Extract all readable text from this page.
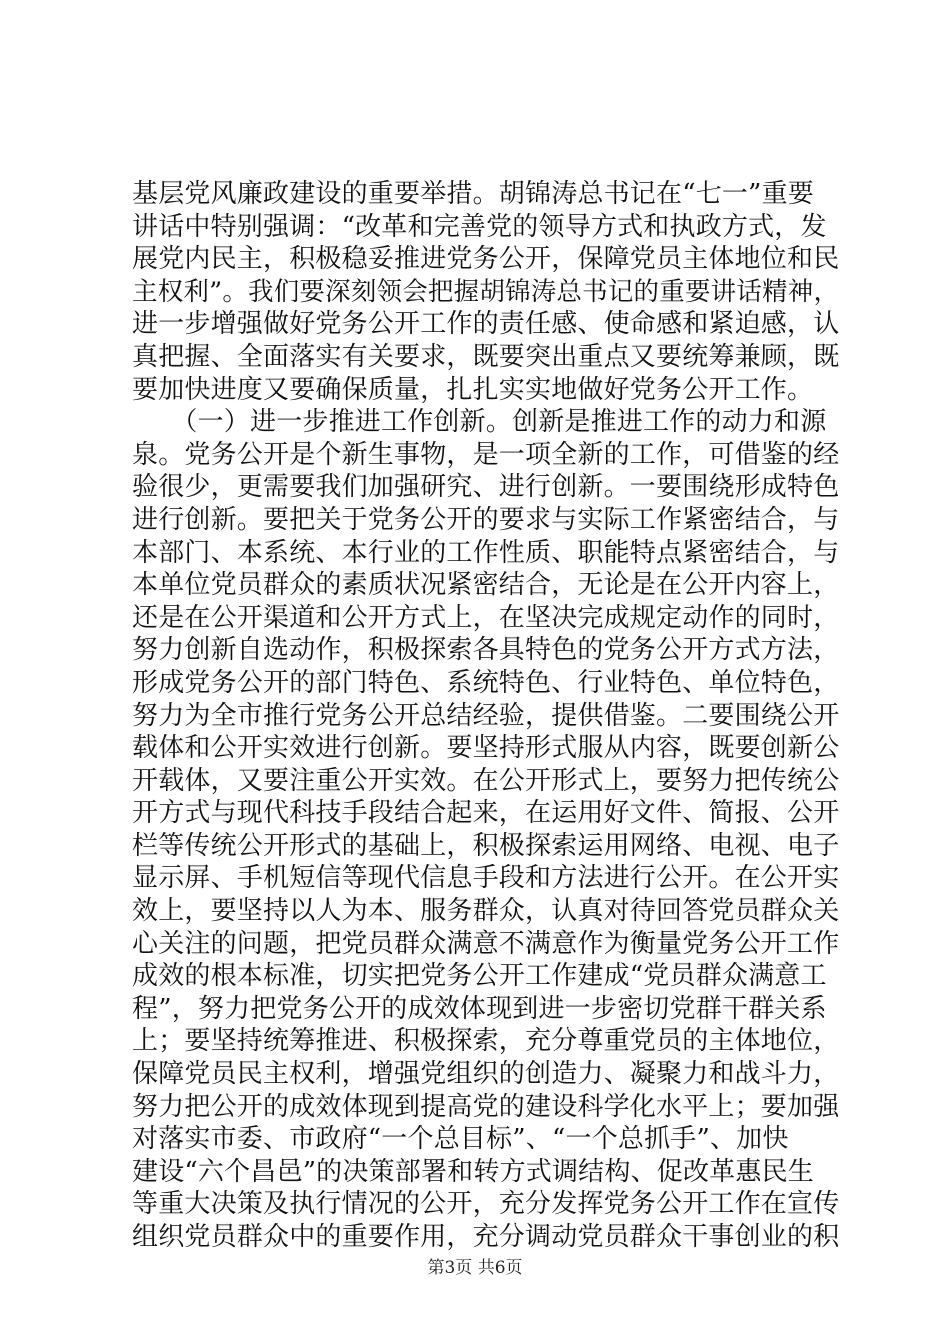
基层党风廉政建设的重要举措。胡锦涛总书记在“七一”重要
讲话中特别强调：“改革和完善党的领导方式和执政方式，发
展党内民主，积极稳妥推进党务公开，保障党员主体地位和民
主权利”。我们要深刻领会把握胡锦涛总书记的重要讲话精神，
进一步增强做好党务公开工作的责任感、使命感和紧迫感，认
真把握、全面落实有关要求，既要突出重点又要统筹兼顾，既
要加快进度又要确保质量，扎扎实实地做好党务公开工作。
　　（一）进一步推进工作创新。创新是推进工作的动力和源
泉。党务公开是个新生事物，是一项全新的工作，可借鉴的经
验很少，更需要我们加强研究、进行创新。一要围绕形成特色
进行创新。要把关于党务公开的要求与实际工作紧密结合，与
本部门、本系统、本行业的工作性质、职能特点紧密结合，与
本单位党员群众的素质状况紧密结合，无论是在公开内容上，
还是在公开渠道和公开方式上，在坚决完成规定动作的同时，
努力创新自选动作，积极探索各具特色的党务公开方式方法，
形成党务公开的部门特色、系统特色、行业特色、单位特色，
努力为全市推行党务公开总结经验，提供借鉴。二要围绕公开
载体和公开实效进行创新。要坚持形式服从内容，既要创新公
开载体，又要注重公开实效。在公开形式上，要努力把传统公
开方式与现代科技手段结合起来，在运用好文件、简报、公开
栏等传统公开形式的基础上，积极探索运用网络、电视、电子
显示屏、手机短信等现代信息手段和方法进行公开。在公开实
效上，要坚持以人为本、服务群众，认真对待回答党员群众关
心关注的问题，把党员群众满意不满意作为衡量党务公开工作
成效的根本标准，切实把党务公开工作建成“党员群众满意工
程”，努力把党务公开的成效体现到进一步密切党群干群关系
上；要坚持统筹推进、积极探索，充分尊重党员的主体地位，
保障党员民主权利，增强党组织的创造力、凝聚力和战斗力，
努力把公开的成效体现到提高党的建设科学化水平上；要加强
对落实市委、市政府“一个总目标”、“一个总抓手”、加快
建设“六个昌邑”的决策部署和转方式调结构、促改革惠民生
等重大决策及执行情况的公开，充分发挥党务公开工作在宣传
组织党员群众中的重要作用，充分调动党员群众干事创业的积
第3页 共6页
